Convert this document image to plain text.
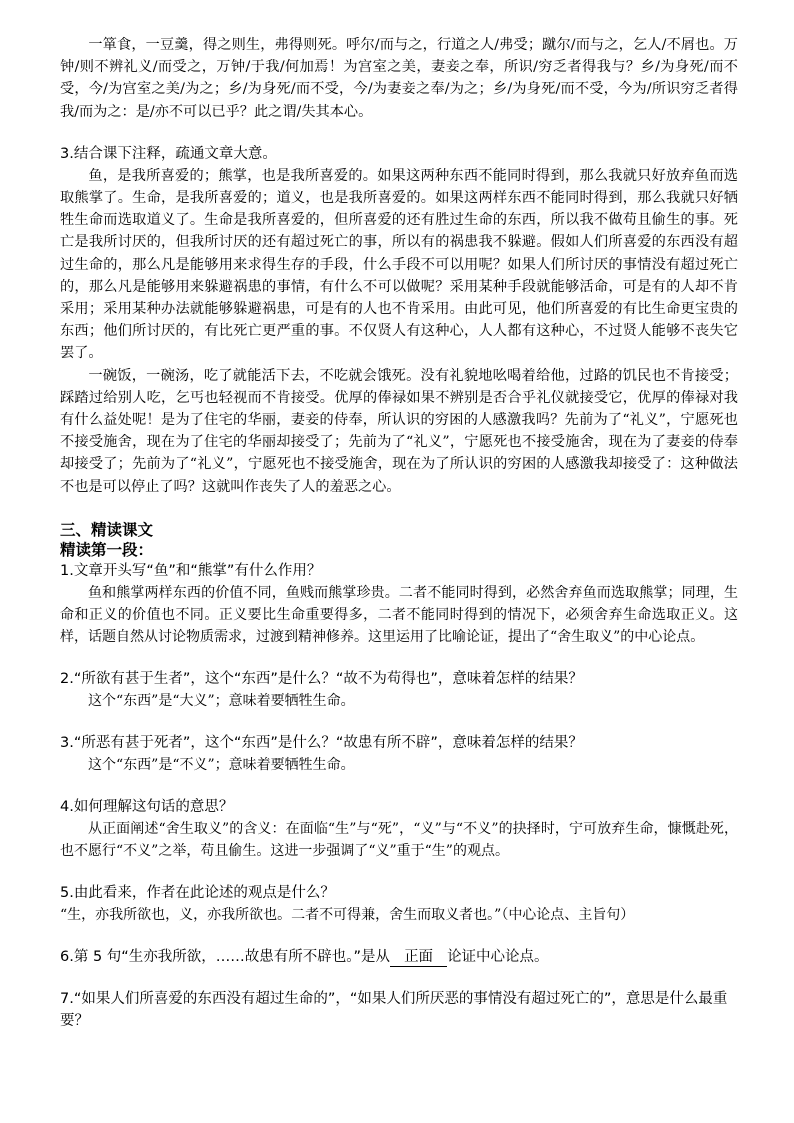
一箪食，一豆羹，得之则生，弗得则死。呼尔/而与之，行道之人/弗受；蹴尔/而与之，乞人/不屑也。万钟/则不辨礼义/而受之，万钟/于我/何加焉！为宫室之美，妻妾之奉，所识/穷乏者得我与？乡/为身死/而不受，今/为宫室之美/为之；乡/为身死/而不受，今/为妻妾之奉/为之；乡/为身死/而不受，今为/所识穷乏者得我/而为之：是/亦不可以已乎？此之谓/失其本心。

3.结合课下注释，疏通文章大意。

鱼，是我所喜爱的；熊掌，也是我所喜爱的。如果这两种东西不能同时得到，那么我就只好放弃鱼而选取熊掌了。生命，是我所喜爱的；道义，也是我所喜爱的。如果这两样东西不能同时得到，那么我就只好牺牲生命而选取道义了。生命是我所喜爱的，但所喜爱的还有胜过生命的东西，所以我不做苟且偷生的事。死亡是我所讨厌的，但我所讨厌的还有超过死亡的事，所以有的祸患我不躲避。假如人们所喜爱的东西没有超过生命的，那么凡是能够用来求得生存的手段，什么手段不可以用呢？如果人们所讨厌的事情没有超过死亡的，那么凡是能够用来躲避祸患的事情，有什么不可以做呢？采用某种手段就能够活命，可是有的人却不肯采用；采用某种办法就能够躲避祸患，可是有的人也不肯采用。由此可见，他们所喜爱的有比生命更宝贵的东西；他们所讨厌的，有比死亡更严重的事。不仅贤人有这种心，人人都有这种心，不过贤人能够不丧失它罢了。

一碗饭，一碗汤，吃了就能活下去，不吃就会饿死。没有礼貌地吆喝着给他，过路的饥民也不肯接受；踩踏过给别人吃，乞丐也轻视而不肯接受。优厚的俸禄如果不辨别是否合乎礼仪就接受它，优厚的俸禄对我有什么益处呢！是为了住宅的华丽，妻妾的侍奉，所认识的穷困的人感激我吗？先前为了“礼义”，宁愿死也不接受施舍，现在为了住宅的华丽却接受了；先前为了“礼义”，宁愿死也不接受施舍，现在为了妻妾的侍奉却接受了；先前为了“礼义”，宁愿死也不接受施舍，现在为了所认识的穷困的人感激我却接受了：这种做法不也是可以停止了吗？这就叫作丧失了人的羞恶之心。

三、精读课文

精读第一段：

1.文章开头写“鱼”和“熊掌”有什么作用？

鱼和熊掌两样东西的价值不同，鱼贱而熊掌珍贵。二者不能同时得到，必然舍弃鱼而选取熊掌；同理，生命和正义的价值也不同。正义要比生命重要得多，二者不能同时得到的情况下，必须舍弃生命选取正义。这样，话题自然从讨论物质需求，过渡到精神修养。这里运用了比喻论证，提出了“舍生取义”的中心论点。

2.“所欲有甚于生者”，这个“东西”是什么？“故不为苟得也”，意味着怎样的结果？

这个“东西”是“大义”；意味着要牺牲生命。

3.“所恶有甚于死者”，这个“东西”是什么？“故患有所不辟”，意味着怎样的结果？

这个“东西”是“不义”；意味着要牺牲生命。

4.如何理解这句话的意思？

从正面阐述“舍生取义”的含义：在面临“生”与“死”，“义”与“不义”的抉择时，宁可放弃生命，慷慨赴死，也不愿行“不义”之举，苟且偷生。这进一步强调了“义”重于“生”的观点。

5.由此看来，作者在此论述的观点是什么？

“生，亦我所欲也，义，亦我所欲也。二者不可得兼，舍生而取义者也。”（中心论点、主旨句）

6.第 5 句“生亦我所欲，……故患有所不辟也。”是从 正面 论证中心论点。

7.“如果人们所喜爱的东西没有超过生命的”，“如果人们所厌恶的事情没有超过死亡的”，意思是什么最重要？
